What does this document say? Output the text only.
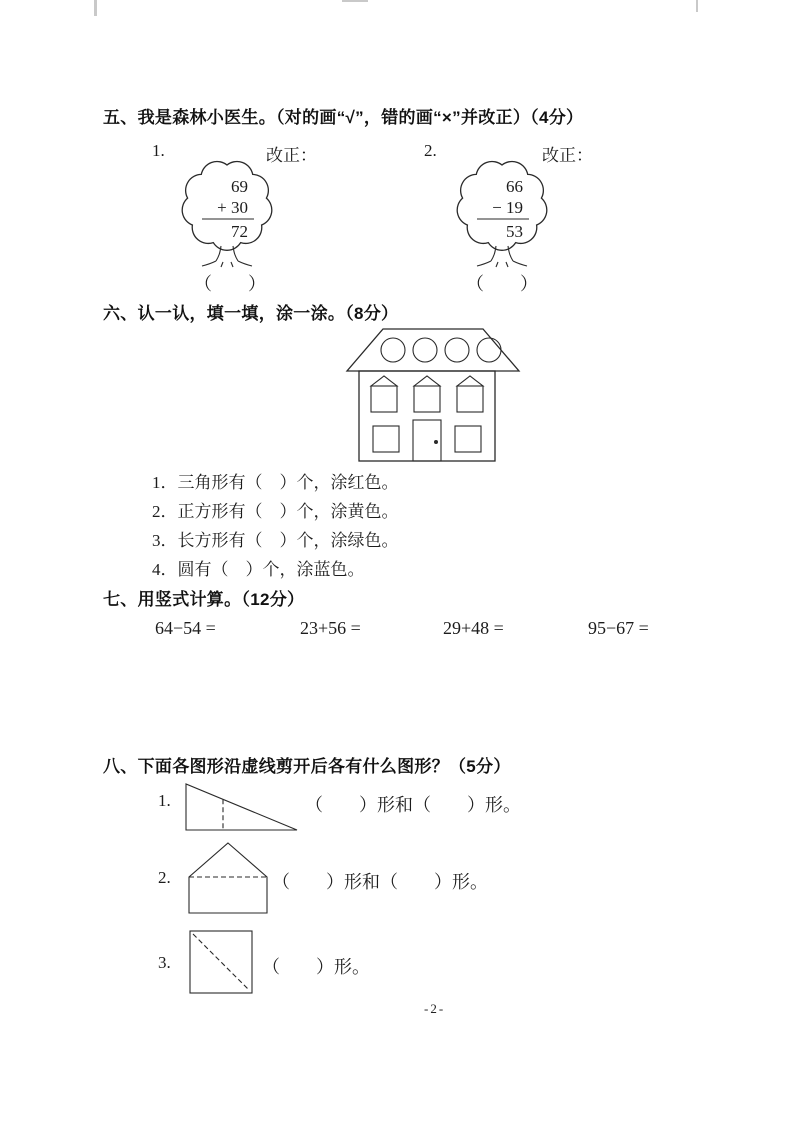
五、我是森林小医生。（对的画“√”，错的画“×”并改正）（4分）
1.	改正：	2.	改正：
69
+ 30
72
（　　）
66
− 19
53
（　　）
六、认一认，填一填，涂一涂。（8分）
1．三角形有（　）个，涂红色。
2．正方形有（　）个，涂黄色。
3．长方形有（　）个，涂绿色。
4．圆有（　）个，涂蓝色。
七、用竖式计算。（12分）
64−54 =	23+56 =	29+48 =	95−67 =
八、下面各图形沿虚线剪开后各有什么图形？（5分）
1.	（　　）形和（　　）形。
2.	（　　）形和（　　）形。
3.	（　　）形。
-2-
